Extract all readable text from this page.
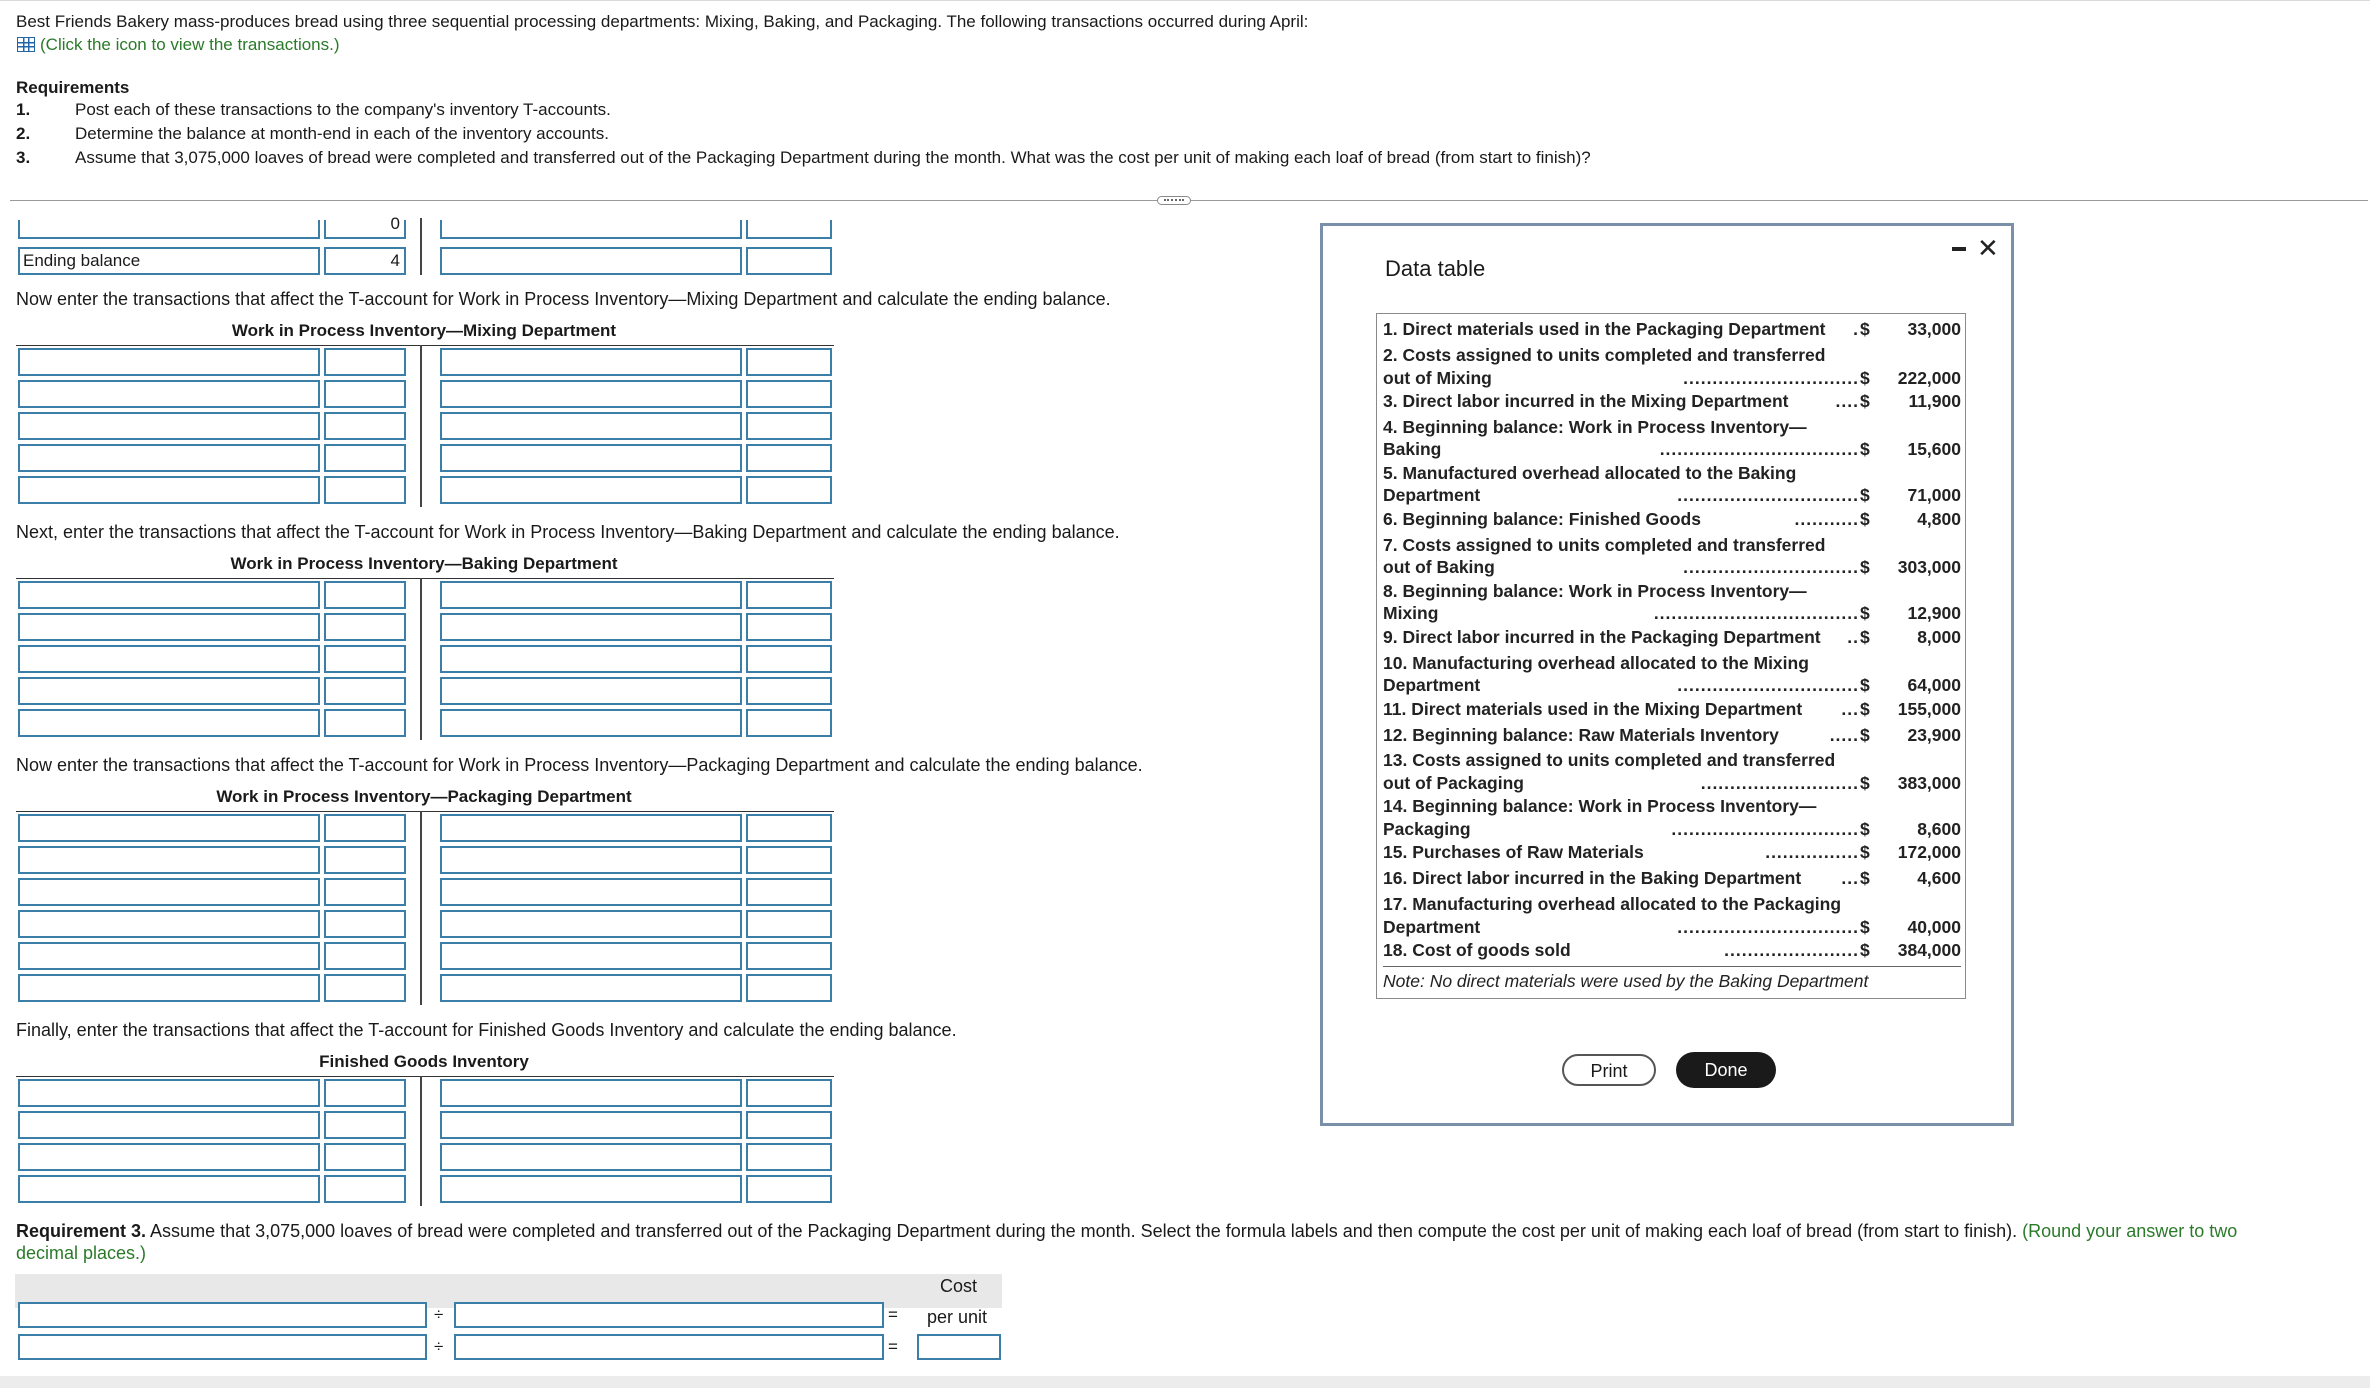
Best Friends Bakery mass-produces bread using three sequential processing departments: Mixing, Baking, and Packaging. The following transactions occurred during April:
(Click the icon to view the transactions.)
Requirements
1.	Post each of these transactions to the company's inventory T-accounts.
2.	Determine the balance at month-end in each of the inventory accounts.
3.	Assume that 3,075,000 loaves of bread were completed and transferred out of the Packaging Department during the month. What was the cost per unit of making each loaf of bread (from start to finish)?
0
Ending balance	4
Now enter the transactions that affect the T-account for Work in Process Inventory—Mixing Department and calculate the ending balance.
Work in Process Inventory—Mixing Department
Next, enter the transactions that affect the T-account for Work in Process Inventory—Baking Department and calculate the ending balance.
Work in Process Inventory—Baking Department
Now enter the transactions that affect the T-account for Work in Process Inventory—Packaging Department and calculate the ending balance.
Work in Process Inventory—Packaging Department
Finally, enter the transactions that affect the T-account for Finished Goods Inventory and calculate the ending balance.
Finished Goods Inventory
Requirement 3. Assume that 3,075,000 loaves of bread were completed and transferred out of the Packaging Department during the month. Select the formula labels and then compute the cost per unit of making each loaf of bread (from start to finish). (Round your answer to two
decimal places.)
Cost
per unit
÷	=
÷	=
Data table
✕
1. Direct materials used in the Packaging Department . $ 33,000
2. Costs assigned to units completed and transferred
out of Mixing	.............................. $ 222,000
3. Direct labor incurred in the Mixing Department	.... $ 11,900
4. Beginning balance: Work in Process Inventory—
Baking	.................................. $ 15,600
5. Manufactured overhead allocated to the Baking
Department	............................... $ 71,000
6. Beginning balance: Finished Goods	........... $	4,800
7. Costs assigned to units completed and transferred
out of Baking	.............................. $ 303,000
8. Beginning balance: Work in Process Inventory—
Mixing	................................... $ 12,900
9. Direct labor incurred in the Packaging Department .. $	8,000
10. Manufacturing overhead allocated to the Mixing
Department	............................... $ 64,000
11. Direct materials used in the Mixing Department ... $ 155,000
12. Beginning balance: Raw Materials Inventory	..... $ 23,900
13. Costs assigned to units completed and transferred
out of Packaging	........................... $ 383,000
14. Beginning balance: Work in Process Inventory—
Packaging	................................ $	8,600
15. Purchases of Raw Materials	................ $ 172,000
16. Direct labor incurred in the Baking Department ... $	4,600
17. Manufacturing overhead allocated to the Packaging
Department	............................... $ 40,000
18. Cost of goods sold	....................... $ 384,000
Note: No direct materials were used by the Baking Department
Print	Done
